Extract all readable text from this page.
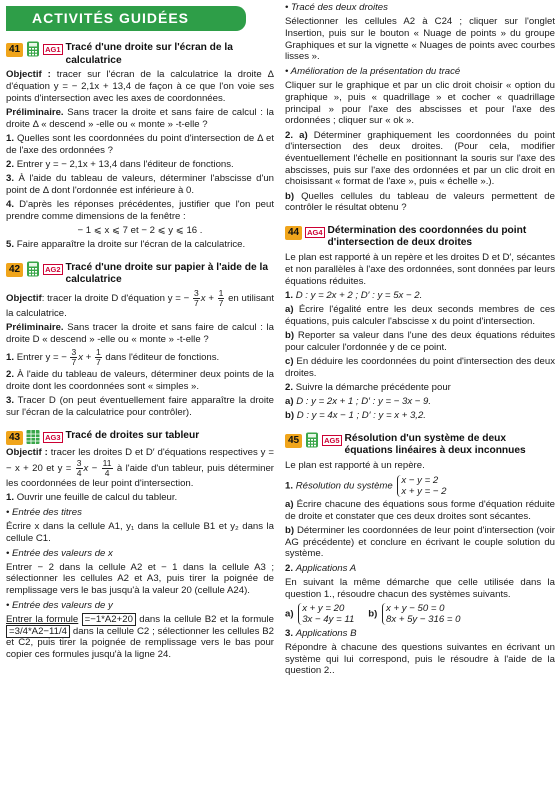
ACTIVITÉS GUIDÉES
41	AG1 Tracé d'une droite sur l'écran de la calculatrice

Objectif : tracer sur l'écran de la calculatrice la droite Δ d'équation y = − 2,1x + 13,4 de façon à ce que l'on voie ses points d'intersection avec les axes de coordonnées.

Préliminaire. Sans tracer la droite et sans faire de calcul : la droite Δ « descend » -elle ou « monte » -t-elle ?

1. Quelles sont les coordonnées du point d'intersection de Δ et de l'axe des ordonnées ?

2. Entrer y = − 2,1x + 13,4 dans l'éditeur de fonctions.

3. À l'aide du tableau de valeurs, déterminer l'abscisse d'un point de Δ dont l'ordonnée est inférieure à 0.

4. D'après les réponses précédentes, justifier que l'on peut prendre comme dimensions de la fenêtre :

− 1 ⩽ x ⩽ 7 et − 2 ⩽ y ⩽ 16 .

5. Faire apparaître la droite sur l'écran de la calculatrice.

42	AG2 Tracé d'une droite sur papier à l'aide de la calculatrice

Objectif: tracer la droite D d'équation y = − $\frac{3}{7}$ $x + \frac{1}{7}$ en utilisant la calculatrice.

Préliminaire. Sans tracer la droite et sans faire de calcul : la droite D « descend » -elle ou « monte » -t-elle ?

1. Entrer y = − $\frac{3}{7}$ $x + \frac{1}{7}$ dans l'éditeur de fonctions.

2. À l'aide du tableau de valeurs, déterminer deux points de la droite dont les coordonnées sont « simples ».

3. Tracer D (on peut éventuellement faire apparaître la droite sur l'écran de la calculatrice pour contrôler).

43	AG3 Tracé de droites sur tableur

Objectif : tracer les droites D et D′ d'équations respectives y = − x + 20 et $y = \frac{3}{4}$ $x - \frac{11}{4}$ à l'aide d'un tableur, puis déterminer les coordonnées de leur point d'intersection.

1. Ouvrir une feuille de calcul du tableur.

• Entrée des titres

Écrire x dans la cellule A1, y₁ dans la cellule B1 et y₂ dans la cellule C1.

• Entrée des valeurs de x

Entrer − 2 dans la cellule A2 et − 1 dans la cellule A3 ; sélectionner les cellules A2 et A3, puis tirer la poignée de remplissage vers le bas jusqu'à la valeur 20 (cellule A24).

• Entrée des valeurs de y

Entrer la formule =−1*A2+20 dans la cellule B2 et la formule =3/4*A2−11/4 dans la cellule C2 ; sélectionner les cellules B2 et C2, puis tirer la poignée de remplissage vers le bas pour copier ces formules jusqu'à la ligne 24.

• Tracé des deux droites

Sélectionner les cellules A2 à C24 ; cliquer sur l'onglet Insertion, puis sur le bouton « Nuage de points » du groupe Graphiques et sur la vignette « Nuages de points avec courbes lisses ».

• Amélioration de la présentation du tracé

Cliquer sur le graphique et par un clic droit choisir « option du graphique », puis « quadrillage » et cocher « quadrillage principal » pour l'axe des abscisses et pour l'axe des ordonnées ; cliquer sur « ok ».

2. a) Déterminer graphiquement les coordonnées du point d'intersection des deux droites. (Pour cela, modifier éventuellement l'échelle en positionnant la souris sur l'axe des abscisses, puis sur l'axe des ordonnées et par un clic droit en choisissant « format de l'axe », puis « échelle ».).

b) Quelles cellules du tableau de valeurs permettent de contrôler le résultat obtenu ?

44	AG4 Détermination des coordonnées du point d'intersection de deux droites

Le plan est rapporté à un repère et les droites D et D′, sécantes et non parallèles à l'axe des ordonnées, sont données par leurs équations réduites.

1. D : y = 2x + 2 ; D′ : y = 5x − 2.

a) Écrire l'égalité entre les deux seconds membres de ces équations, puis calculer l'abscisse x du point d'intersection.

b) Reporter sa valeur dans l'une des deux équations réduites pour calculer l'ordonnée y de ce point.

c) En déduire les coordonnées du point d'intersection des deux droites.

2. Suivre la démarche précédente pour

a) D : y = 2x + 1 ; D′ : y = − 3x − 9.

b) D : y = 4x − 1 ; D′ : y = x + 3,2.

45	AG5 Résolution d'un système de deux équations linéaires à deux inconnues

Le plan est rapporté à un repère.

1. Résolution du système
x − y = 2
x + y = − 2

a) Écrire chacune des équations sous forme d'équation réduite de droite et constater que ces deux droites sont sécantes.

b) Déterminer les coordonnées de leur point d'intersection (voir AG précédente) et conclure en écrivant le couple solution du système.

2. Applications A

En suivant la même démarche que celle utilisée dans la question 1., résoudre chacun des systèmes suivants.

a)
x + y = 20
3x − 4y = 11 b)
x + y − 50 = 0
8x + 5y − 316 = 0

3. Applications B

Répondre à chacune des questions suivantes en écrivant un système qui lui correspond, puis le résoudre à l'aide de la question 2..
